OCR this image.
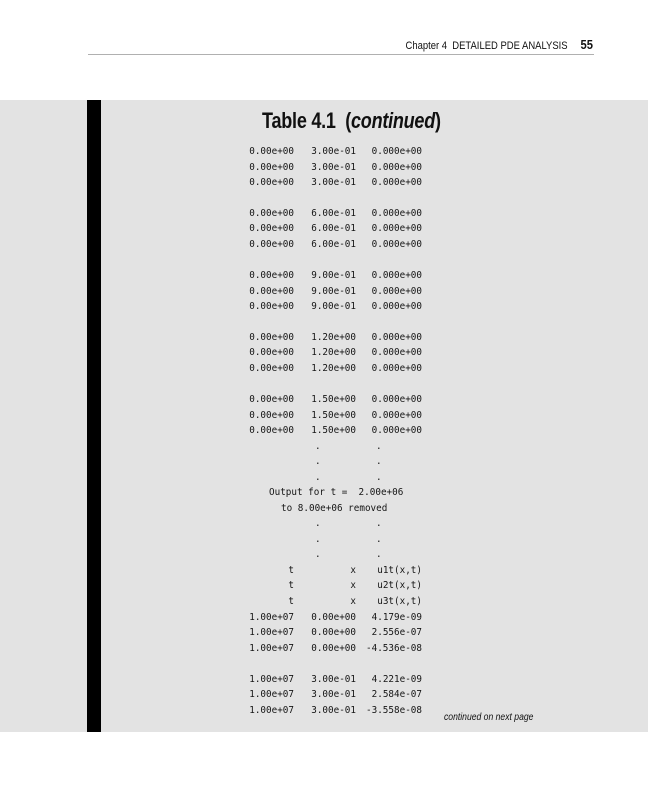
Chapter 4 DETAILED PDE ANALYSIS 55
Table 4.1 (continued)
0.00e+00	3.00e-01	0.000e+00
0.00e+00	3.00e-01	0.000e+00
0.00e+00	3.00e-01	0.000e+00
0.00e+00	6.00e-01	0.000e+00
0.00e+00	6.00e-01	0.000e+00
0.00e+00	6.00e-01	0.000e+00
0.00e+00	9.00e-01	0.000e+00
0.00e+00	9.00e-01	0.000e+00
0.00e+00	9.00e-01	0.000e+00
0.00e+00	1.20e+00	0.000e+00
0.00e+00	1.20e+00	0.000e+00
0.00e+00	1.20e+00	0.000e+00
0.00e+00	1.50e+00	0.000e+00
0.00e+00	1.50e+00	0.000e+00
0.00e+00	1.50e+00	0.000e+00
.	.
.	.
.	.
Output for t =  2.00e+06
to 8.00e+06 removed
.	.
.	.
.	.
t	x	u1t(x,t)
t	x	u2t(x,t)
t	x	u3t(x,t)
1.00e+07	0.00e+00	4.179e-09
1.00e+07	0.00e+00	2.556e-07
1.00e+07	0.00e+00	-4.536e-08
1.00e+07	3.00e-01	4.221e-09
1.00e+07	3.00e-01	2.584e-07
1.00e+07	3.00e-01	-3.558e-08
continued on next page
